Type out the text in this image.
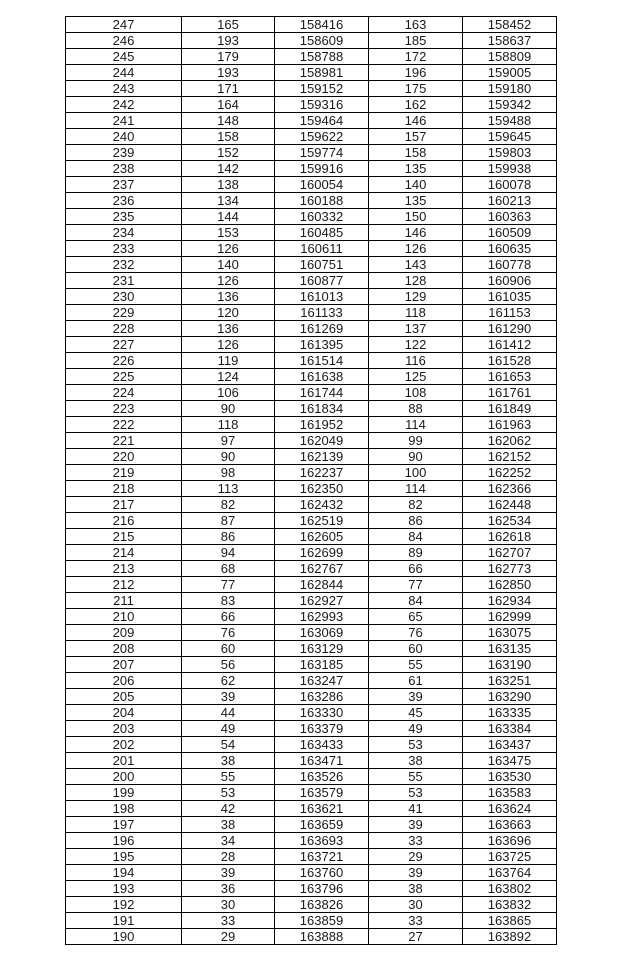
247	165	158416	163	158452
246	193	158609	185	158637
245	179	158788	172	158809
244	193	158981	196	159005
243	171	159152	175	159180
242	164	159316	162	159342
241	148	159464	146	159488
240	158	159622	157	159645
239	152	159774	158	159803
238	142	159916	135	159938
237	138	160054	140	160078
236	134	160188	135	160213
235	144	160332	150	160363
234	153	160485	146	160509
233	126	160611	126	160635
232	140	160751	143	160778
231	126	160877	128	160906
230	136	161013	129	161035
229	120	161133	118	161153
228	136	161269	137	161290
227	126	161395	122	161412
226	119	161514	116	161528
225	124	161638	125	161653
224	106	161744	108	161761
223	90	161834	88	161849
222	118	161952	114	161963
221	97	162049	99	162062
220	90	162139	90	162152
219	98	162237	100	162252
218	113	162350	114	162366
217	82	162432	82	162448
216	87	162519	86	162534
215	86	162605	84	162618
214	94	162699	89	162707
213	68	162767	66	162773
212	77	162844	77	162850
211	83	162927	84	162934
210	66	162993	65	162999
209	76	163069	76	163075
208	60	163129	60	163135
207	56	163185	55	163190
206	62	163247	61	163251
205	39	163286	39	163290
204	44	163330	45	163335
203	49	163379	49	163384
202	54	163433	53	163437
201	38	163471	38	163475
200	55	163526	55	163530
199	53	163579	53	163583
198	42	163621	41	163624
197	38	163659	39	163663
196	34	163693	33	163696
195	28	163721	29	163725
194	39	163760	39	163764
193	36	163796	38	163802
192	30	163826	30	163832
191	33	163859	33	163865
190	29	163888	27	163892
